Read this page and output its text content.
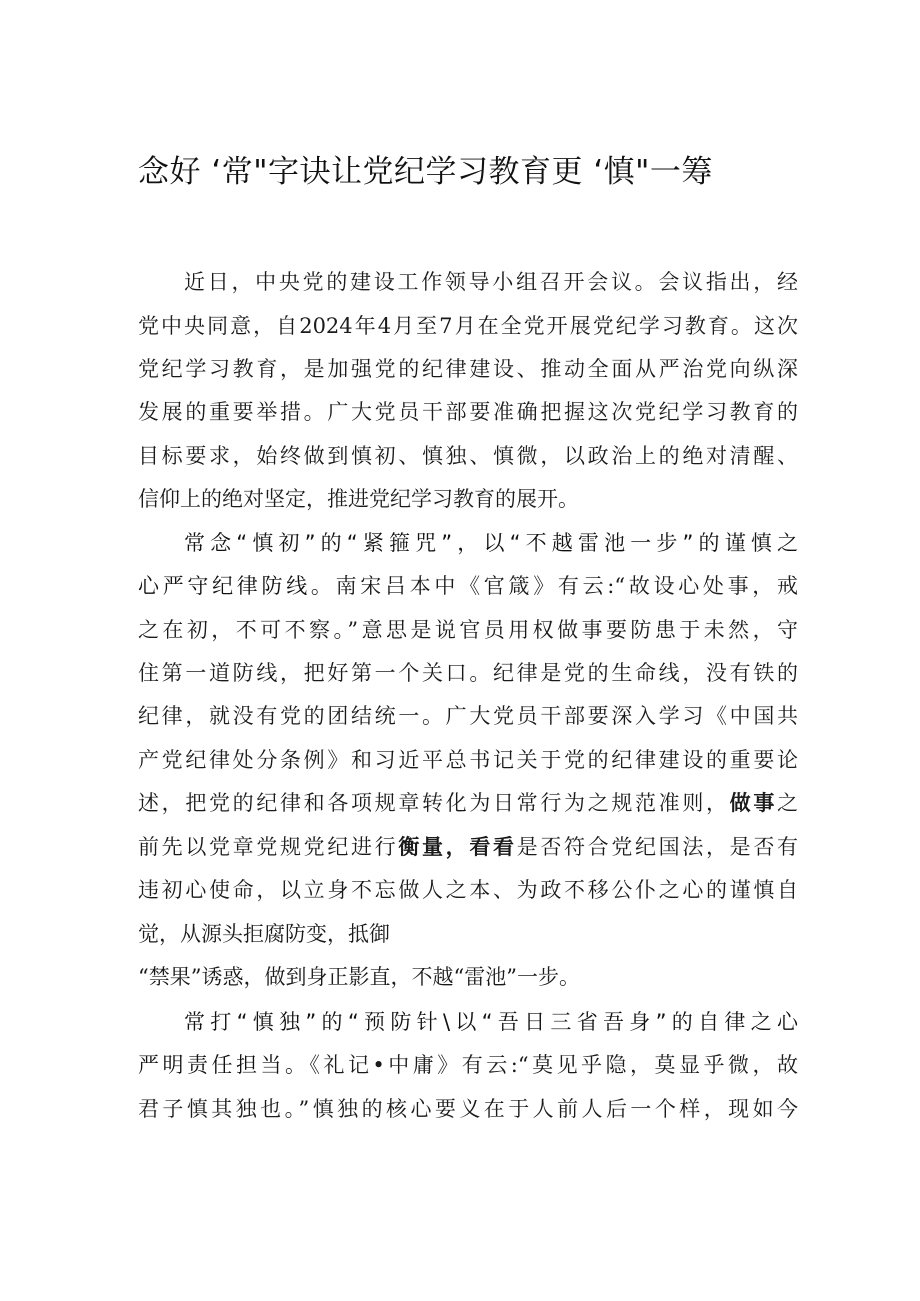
念好 ‘常"字诀让党纪学习教育更 ‘慎"一筹
近日，中央党的建设工作领导小组召开会议。会议指出，经
党中央同意，自2024年4月至7月在全党开展党纪学习教育。这次
党纪学习教育，是加强党的纪律建设、推动全面从严治党向纵深
发展的重要举措。广大党员干部要准确把握这次党纪学习教育的
目标要求，始终做到慎初、慎独、慎微，以政治上的绝对清醒、
信仰上的绝对坚定，推进党纪学习教育的展开。
常念“慎初”的“紧箍咒”，以“不越雷池一步”的谨慎之
心严守纪律防线。南宋吕本中《官箴》有云:“故设心处事，戒
之在初，不可不察。”意思是说官员用权做事要防患于未然，守
住第一道防线，把好第一个关口。纪律是党的生命线，没有铁的
纪律，就没有党的团结统一。广大党员干部要深入学习《中国共
产党纪律处分条例》和习近平总书记关于党的纪律建设的重要论
述，把党的纪律和各项规章转化为日常行为之规范准则，做事之
前先以党章党规党纪进行衡量，看看是否符合党纪国法，是否有
违初心使命，以立身不忘做人之本、为政不移公仆之心的谨慎自
觉，从源头拒腐防变，抵御
“禁果”诱惑，做到身正影直，不越“雷池”一步。
常打“慎独”的“预防针\以“吾日三省吾身”的自律之心
严明责任担当。《礼记•中庸》有云:“莫见乎隐，莫显乎微，故
君子慎其独也。”慎独的核心要义在于人前人后一个样，现如今
